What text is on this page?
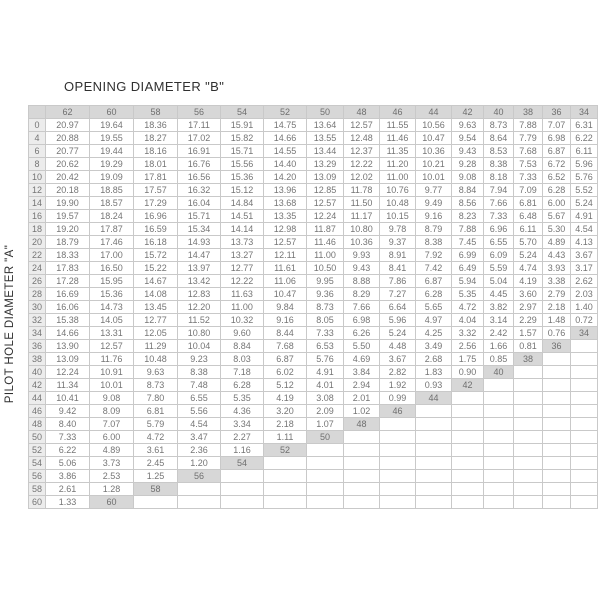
OPENING DIAMETER "B"
PILOT HOLE DIAMETER "A"
	62	60	58	56	54	52	50	48	46	44	42	40	38	36	34
0	20.97	19.64	18.36	17.11	15.91	14.75	13.64	12.57	11.55	10.56	9.63	8.73	7.88	7.07	6.31
4	20.88	19.55	18.27	17.02	15.82	14.66	13.55	12.48	11.46	10.47	9.54	8.64	7.79	6.98	6.22
6	20.77	19.44	18.16	16.91	15.71	14.55	13.44	12.37	11.35	10.36	9.43	8.53	7.68	6.87	6.11
8	20.62	19.29	18.01	16.76	15.56	14.40	13.29	12.22	11.20	10.21	9.28	8.38	7.53	6.72	5.96
10	20.42	19.09	17.81	16.56	15.36	14.20	13.09	12.02	11.00	10.01	9.08	8.18	7.33	6.52	5.76
12	20.18	18.85	17.57	16.32	15.12	13.96	12.85	11.78	10.76	9.77	8.84	7.94	7.09	6.28	5.52
14	19.90	18.57	17.29	16.04	14.84	13.68	12.57	11.50	10.48	9.49	8.56	7.66	6.81	6.00	5.24
16	19.57	18.24	16.96	15.71	14.51	13.35	12.24	11.17	10.15	9.16	8.23	7.33	6.48	5.67	4.91
18	19.20	17.87	16.59	15.34	14.14	12.98	11.87	10.80	9.78	8.79	7.88	6.96	6.11	5.30	4.54
20	18.79	17.46	16.18	14.93	13.73	12.57	11.46	10.36	9.37	8.38	7.45	6.55	5.70	4.89	4.13
22	18.33	17.00	15.72	14.47	13.27	12.11	11.00	9.93	8.91	7.92	6.99	6.09	5.24	4.43	3.67
24	17.83	16.50	15.22	13.97	12.77	11.61	10.50	9.43	8.41	7.42	6.49	5.59	4.74	3.93	3.17
26	17.28	15.95	14.67	13.42	12.22	11.06	9.95	8.88	7.86	6.87	5.94	5.04	4.19	3.38	2.62
28	16.69	15.36	14.08	12.83	11.63	10.47	9.36	8.29	7.27	6.28	5.35	4.45	3.60	2.79	2.03
30	16.06	14.73	13.45	12.20	11.00	9.84	8.73	7.66	6.64	5.65	4.72	3.82	2.97	2.18	1.40
32	15.38	14.05	12.77	11.52	10.32	9.16	8.05	6.98	5.96	4.97	4.04	3.14	2.29	1.48	0.72
34	14.66	13.31	12.05	10.80	9.60	8.44	7.33	6.26	5.24	4.25	3.32	2.42	1.57	0.76	34
36	13.90	12.57	11.29	10.04	8.84	7.68	6.53	5.50	4.48	3.49	2.56	1.66	0.81	36	
38	13.09	11.76	10.48	9.23	8.03	6.87	5.76	4.69	3.67	2.68	1.75	0.85	38		
40	12.24	10.91	9.63	8.38	7.18	6.02	4.91	3.84	2.82	1.83	0.90	40			
42	11.34	10.01	8.73	7.48	6.28	5.12	4.01	2.94	1.92	0.93	42				
44	10.41	9.08	7.80	6.55	5.35	4.19	3.08	2.01	0.99	44					
46	9.42	8.09	6.81	5.56	4.36	3.20	2.09	1.02	46						
48	8.40	7.07	5.79	4.54	3.34	2.18	1.07	48							
50	7.33	6.00	4.72	3.47	2.27	1.11	50								
52	6.22	4.89	3.61	2.36	1.16	52									
54	5.06	3.73	2.45	1.20	54										
56	3.86	2.53	1.25	56											
58	2.61	1.28	58												
60	1.33	60													
